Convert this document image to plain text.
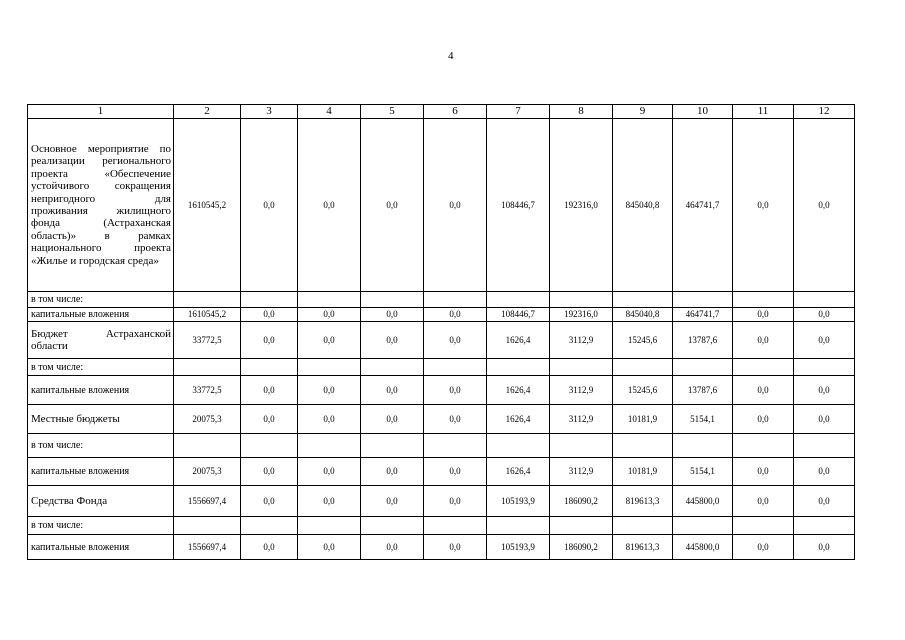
4
1	2	3	4	5	6	7	8	9	10	11	12
Основное мероприятие по реализации регионального проекта «Обеспечение устойчивого сокращения непригодного для проживания жилищного фонда (Астраханская область)» в рамках национального проекта «Жилье и городская среда»	1610545,2	0,0	0,0	0,0	0,0	108446,7	192316,0	845040,8	464741,7	0,0	0,0
в том числе:											
капитальные вложения	1610545,2	0,0	0,0	0,0	0,0	108446,7	192316,0	845040,8	464741,7	0,0	0,0
Бюджет Астраханской области	33772,5	0,0	0,0	0,0	0,0	1626,4	3112,9	15245,6	13787,6	0,0	0,0
в том числе:											
капитальные вложения	33772,5	0,0	0,0	0,0	0,0	1626,4	3112,9	15245,6	13787,6	0,0	0,0
Местные бюджеты	20075,3	0,0	0,0	0,0	0,0	1626,4	3112,9	10181,9	5154,1	0,0	0,0
в том числе:											
капитальные вложения	20075,3	0,0	0,0	0,0	0,0	1626,4	3112,9	10181,9	5154,1	0,0	0,0
Средства Фонда	1556697,4	0,0	0,0	0,0	0,0	105193,9	186090,2	819613,3	445800,0	0,0	0,0
в том числе:											
капитальные вложения	1556697,4	0,0	0,0	0,0	0,0	105193,9	186090,2	819613,3	445800,0	0,0	0,0
